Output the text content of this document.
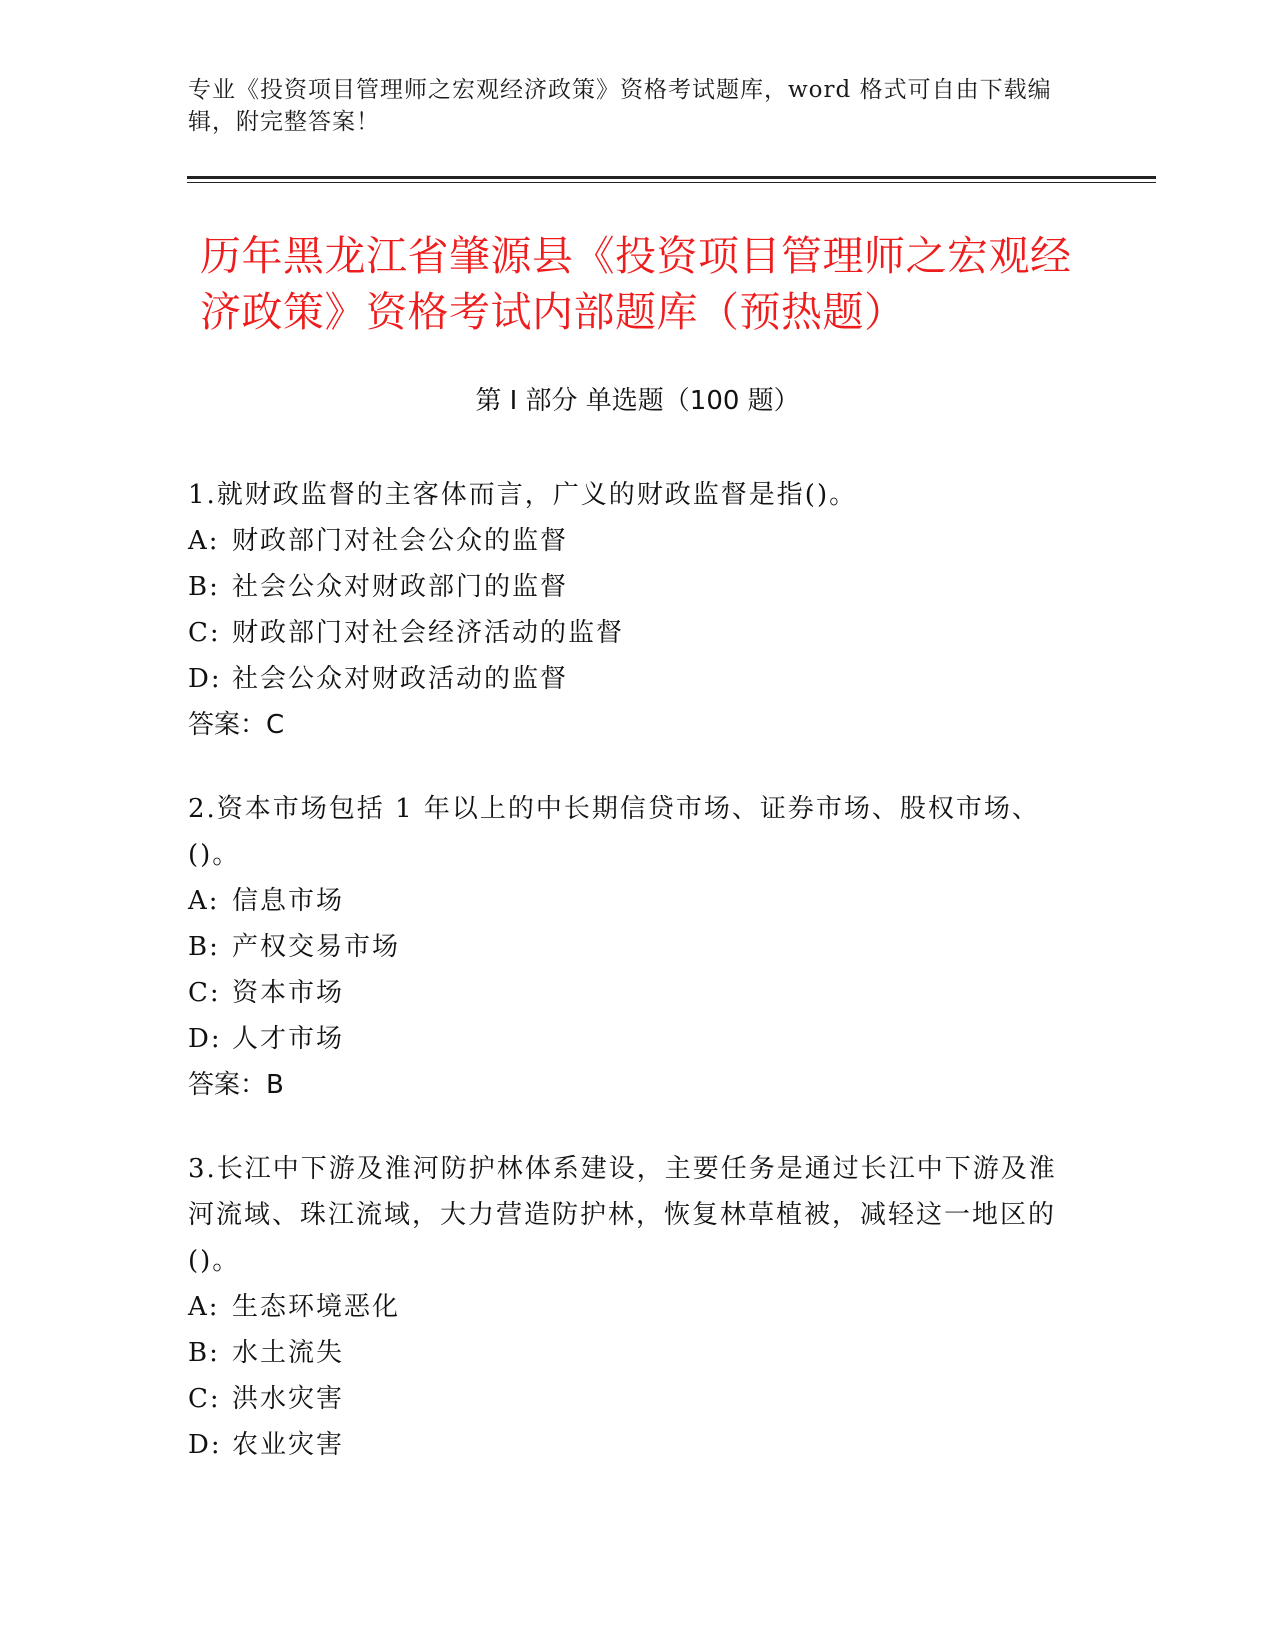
专业《投资项目管理师之宏观经济政策》资格考试题库，word 格式可自由下载编辑，附完整答案！
历年黑龙江省肇源县《投资项目管理师之宏观经济政策》资格考试内部题库（预热题）
第 I 部分 单选题（100 题）
1.就财政监督的主客体而言，广义的财政监督是指()。
A: 财政部门对社会公众的监督
B: 社会公众对财政部门的监督
C: 财政部门对社会经济活动的监督
D: 社会公众对财政活动的监督
答案：C
2.资本市场包括 1 年以上的中长期信贷市场、证券市场、股权市场、()。
A: 信息市场
B: 产权交易市场
C: 资本市场
D: 人才市场
答案：B
3.长江中下游及淮河防护林体系建设，主要任务是通过长江中下游及淮河流域、珠江流域，大力营造防护林，恢复林草植被，减轻这一地区的()。
A: 生态环境恶化
B: 水土流失
C: 洪水灾害
D: 农业灾害
